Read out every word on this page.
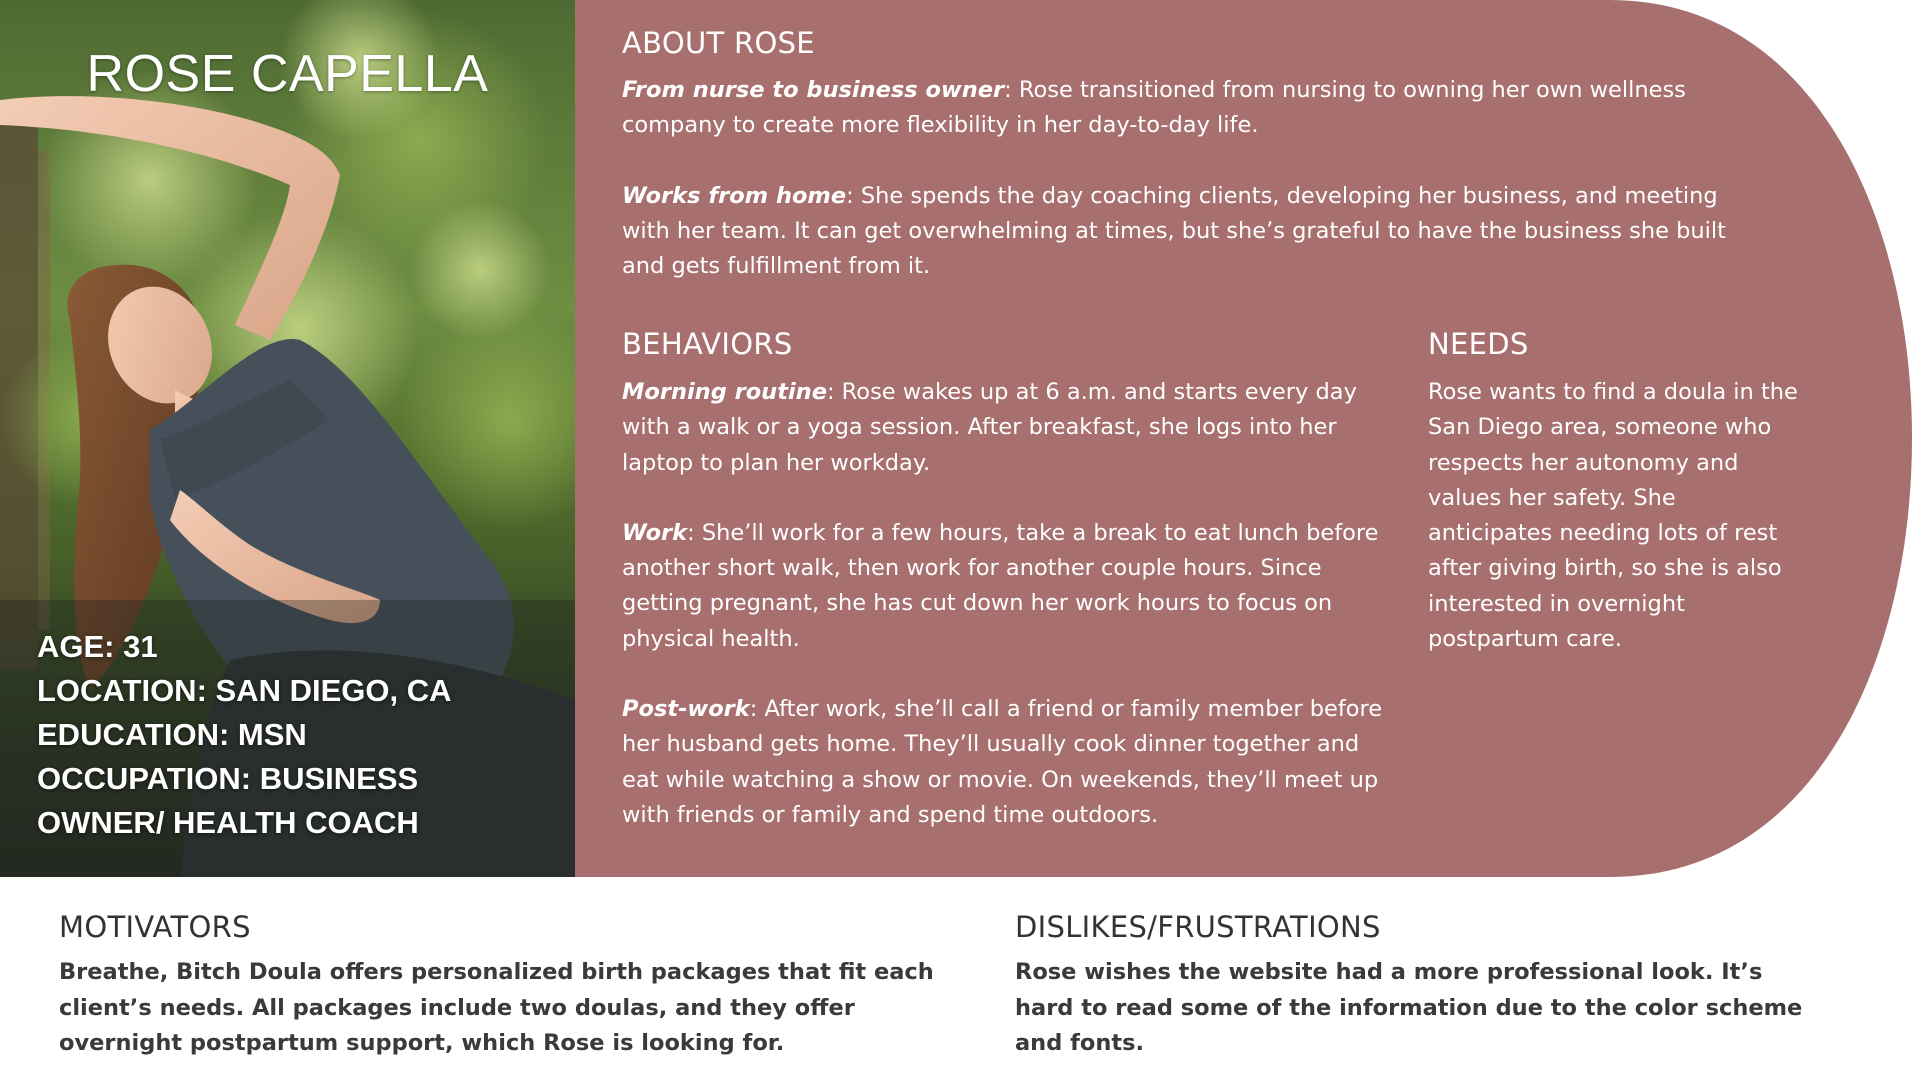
ROSE CAPELLA
AGE: 31
LOCATION: SAN DIEGO, CA
EDUCATION: MSN
OCCUPATION: BUSINESS
OWNER/ HEALTH COACH
ABOUT ROSE

From nurse to business owner: Rose transitioned from nursing to owning her own wellness company to create more flexibility in her day-to-day life.

Works from home: She spends the day coaching clients, developing her business, and meeting with her team. It can get overwhelming at times, but she’s grateful to have the business she built and gets fulfillment from it.

BEHAVIORS

Morning routine: Rose wakes up at 6 a.m. and starts every day with a walk or a yoga session. After breakfast, she logs into her laptop to plan her workday.

Work: She’ll work for a few hours, take a break to eat lunch before another short walk, then work for another couple hours. Since getting pregnant, she has cut down her work hours to focus on physical health.

Post-work: After work, she’ll call a friend or family member before her husband gets home. They’ll usually cook dinner together and eat while watching a show or movie. On weekends, they’ll meet up with friends or family and spend time outdoors.

NEEDS

Rose wants to find a doula in the San Diego area, someone who respects her autonomy and values her safety. She anticipates needing lots of rest after giving birth, so she is also interested in overnight postpartum care.

MOTIVATORS

Breathe, Bitch Doula offers personalized birth packages that fit each client’s needs. All packages include two doulas, and they offer overnight postpartum support, which Rose is looking for.

DISLIKES/FRUSTRATIONS

Rose wishes the website had a more professional look. It’s hard to read some of the information due to the color scheme and fonts.
